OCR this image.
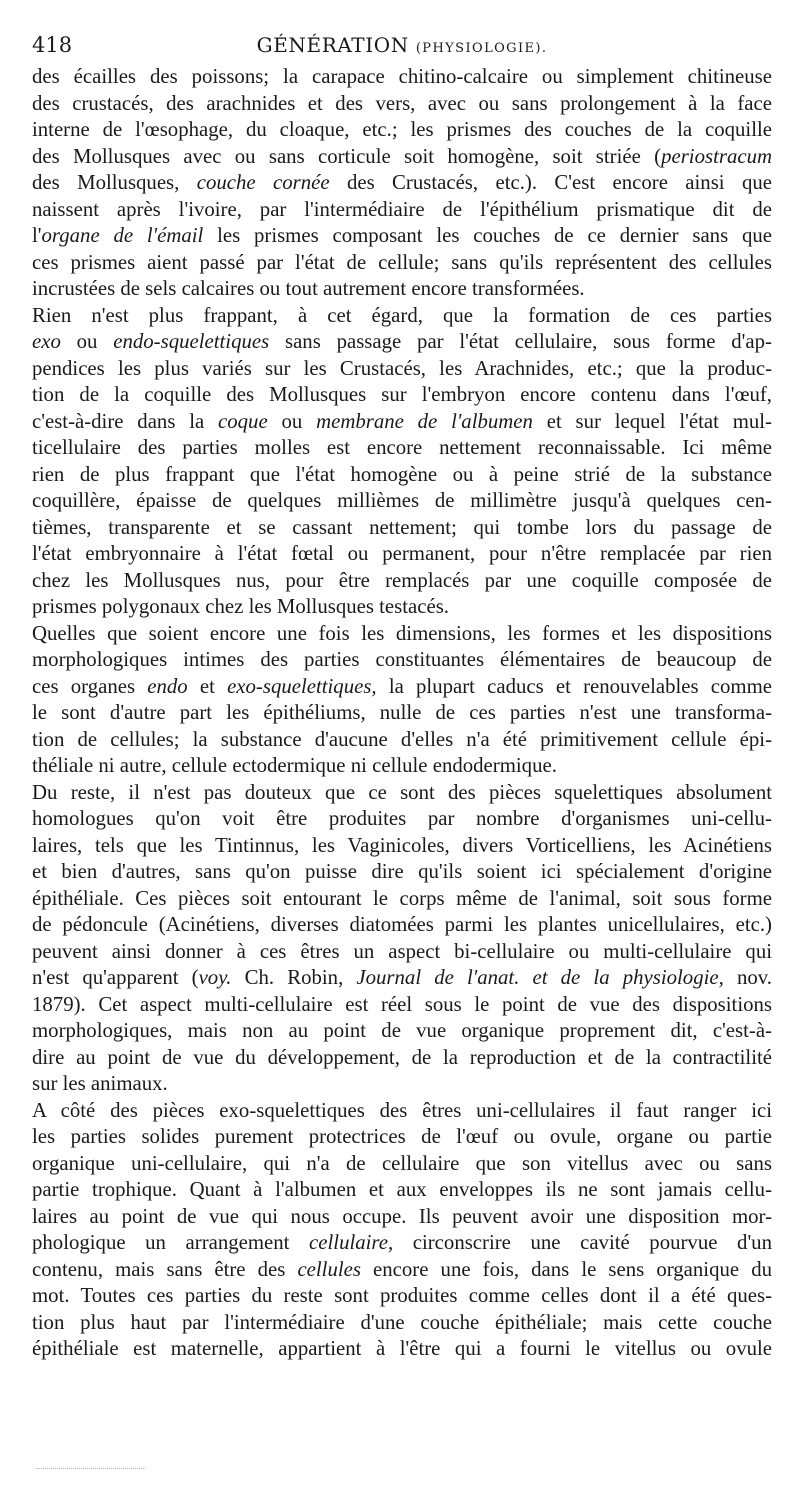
418	GÉNÉRATION (PHYSIOLOGIE).

des écailles des poissons; la carapace chitino-calcaire ou simplement chitineuse

des crustacés, des arachnides et des vers, avec ou sans prolongement à la face

interne de l'œsophage, du cloaque, etc.; les prismes des couches de la coquille

des Mollusques avec ou sans corticule soit homogène, soit striée (periostracum

des Mollusques, couche cornée des Crustacés, etc.). C'est encore ainsi que

naissent après l'ivoire, par l'intermédiaire de l'épithélium prismatique dit de

l'organe de l'émail les prismes composant les couches de ce dernier sans que

ces prismes aient passé par l'état de cellule; sans qu'ils représentent des cellules

incrustées de sels calcaires ou tout autrement encore transformées.

Rien n'est plus frappant, à cet égard, que la formation de ces parties

exo ou endo-squelettiques sans passage par l'état cellulaire, sous forme d'ap-

pendices les plus variés sur les Crustacés, les Arachnides, etc.; que la produc-

tion de la coquille des Mollusques sur l'embryon encore contenu dans l'œuf,

c'est-à-dire dans la coque ou membrane de l'albumen et sur lequel l'état mul-

ticellulaire des parties molles est encore nettement reconnaissable. Ici même

rien de plus frappant que l'état homogène ou à peine strié de la substance

coquillère, épaisse de quelques millièmes de millimètre jusqu'à quelques cen-

tièmes, transparente et se cassant nettement; qui tombe lors du passage de

l'état embryonnaire à l'état fœtal ou permanent, pour n'être remplacée par rien

chez les Mollusques nus, pour être remplacés par une coquille composée de

prismes polygonaux chez les Mollusques testacés.

Quelles que soient encore une fois les dimensions, les formes et les dispositions

morphologiques intimes des parties constituantes élémentaires de beaucoup de

ces organes endo et exo-squelettiques, la plupart caducs et renouvelables comme

le sont d'autre part les épithéliums, nulle de ces parties n'est une transforma-

tion de cellules; la substance d'aucune d'elles n'a été primitivement cellule épi-

théliale ni autre, cellule ectodermique ni cellule endodermique.

Du reste, il n'est pas douteux que ce sont des pièces squelettiques absolument

homologues qu'on voit être produites par nombre d'organismes uni-cellu-

laires, tels que les Tintinnus, les Vaginicoles, divers Vorticelliens, les Acinétiens

et bien d'autres, sans qu'on puisse dire qu'ils soient ici spécialement d'origine

épithéliale. Ces pièces soit entourant le corps même de l'animal, soit sous forme

de pédoncule (Acinétiens, diverses diatomées parmi les plantes unicellulaires, etc.)

peuvent ainsi donner à ces êtres un aspect bi-cellulaire ou multi-cellulaire qui

n'est qu'apparent (voy. Ch. Robin, Journal de l'anat. et de la physiologie, nov.

1879). Cet aspect multi-cellulaire est réel sous le point de vue des dispositions

morphologiques, mais non au point de vue organique proprement dit, c'est-à-

dire au point de vue du développement, de la reproduction et de la contractilité

sur les animaux.

A côté des pièces exo-squelettiques des êtres uni-cellulaires il faut ranger ici

les parties solides purement protectrices de l'œuf ou ovule, organe ou partie

organique uni-cellulaire, qui n'a de cellulaire que son vitellus avec ou sans

partie trophique. Quant à l'albumen et aux enveloppes ils ne sont jamais cellu-

laires au point de vue qui nous occupe. Ils peuvent avoir une disposition mor-

phologique un arrangement cellulaire, circonscrire une cavité pourvue d'un

contenu, mais sans être des cellules encore une fois, dans le sens organique du

mot. Toutes ces parties du reste sont produites comme celles dont il a été ques-

tion plus haut par l'intermédiaire d'une couche épithéliale; mais cette couche

épithéliale est maternelle, appartient à l'être qui a fourni le vitellus ou ovule
